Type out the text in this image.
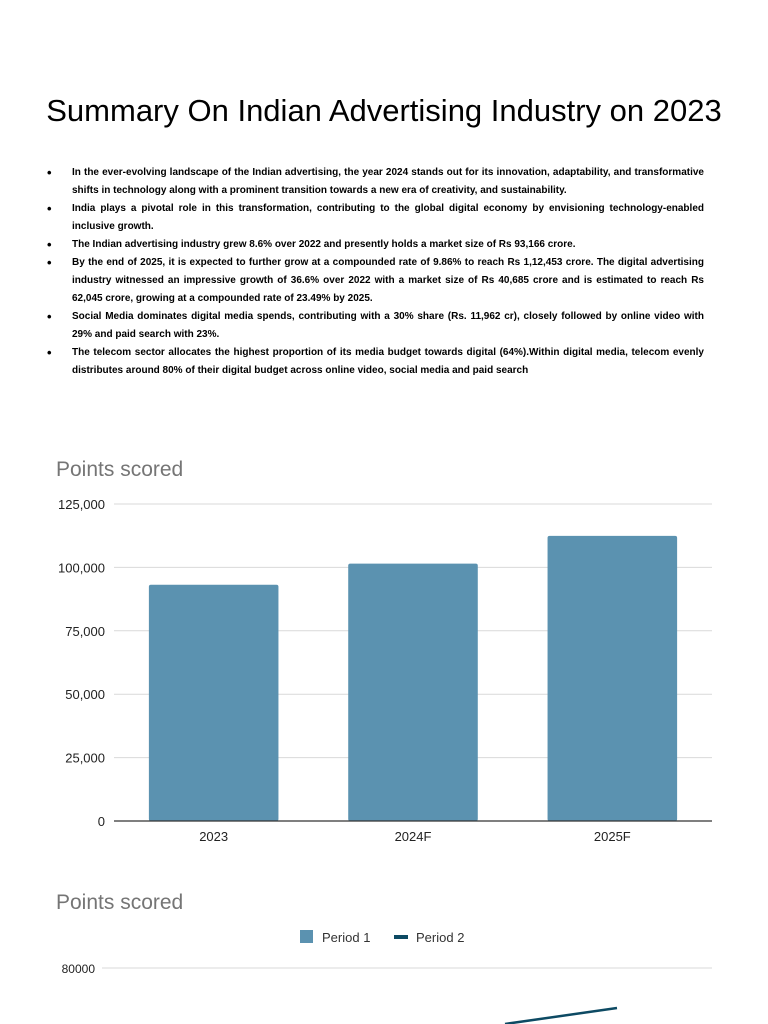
Summary On Indian Advertising Industry on 2023
• In the ever-evolving landscape of the Indian advertising, the year 2024 stands out for its innovation, adaptability, and transformative shifts in technology along with a prominent transition towards a new era of creativity, and sustainability.
• India plays a pivotal role in this transformation, contributing to the global digital economy by envisioning technology-enabled inclusive growth.
• The Indian advertising industry grew 8.6% over 2022 and presently holds a market size of Rs 93,166 crore.
• By the end of 2025, it is expected to further grow at a compounded rate of 9.86% to reach Rs 1,12,453 crore. The digital advertising industry witnessed an impressive growth of 36.6% over 2022 with a market size of Rs 40,685 crore and is estimated to reach Rs 62,045 crore, growing at a compounded rate of 23.49% by 2025.
• Social Media dominates digital media spends, contributing with a 30% share (Rs. 11,962 cr), closely followed by online video with 29% and paid search with 23%.
• The telecom sector allocates the highest proportion of its media budget towards digital (64%).Within digital media, telecom evenly distributes around 80% of their digital budget across online video, social media and paid search
Points scored
0
25,000
50,000
75,000
100,000
125,000
2023	2024F	2025F
Points scored
Period 1	Period 2
80000
